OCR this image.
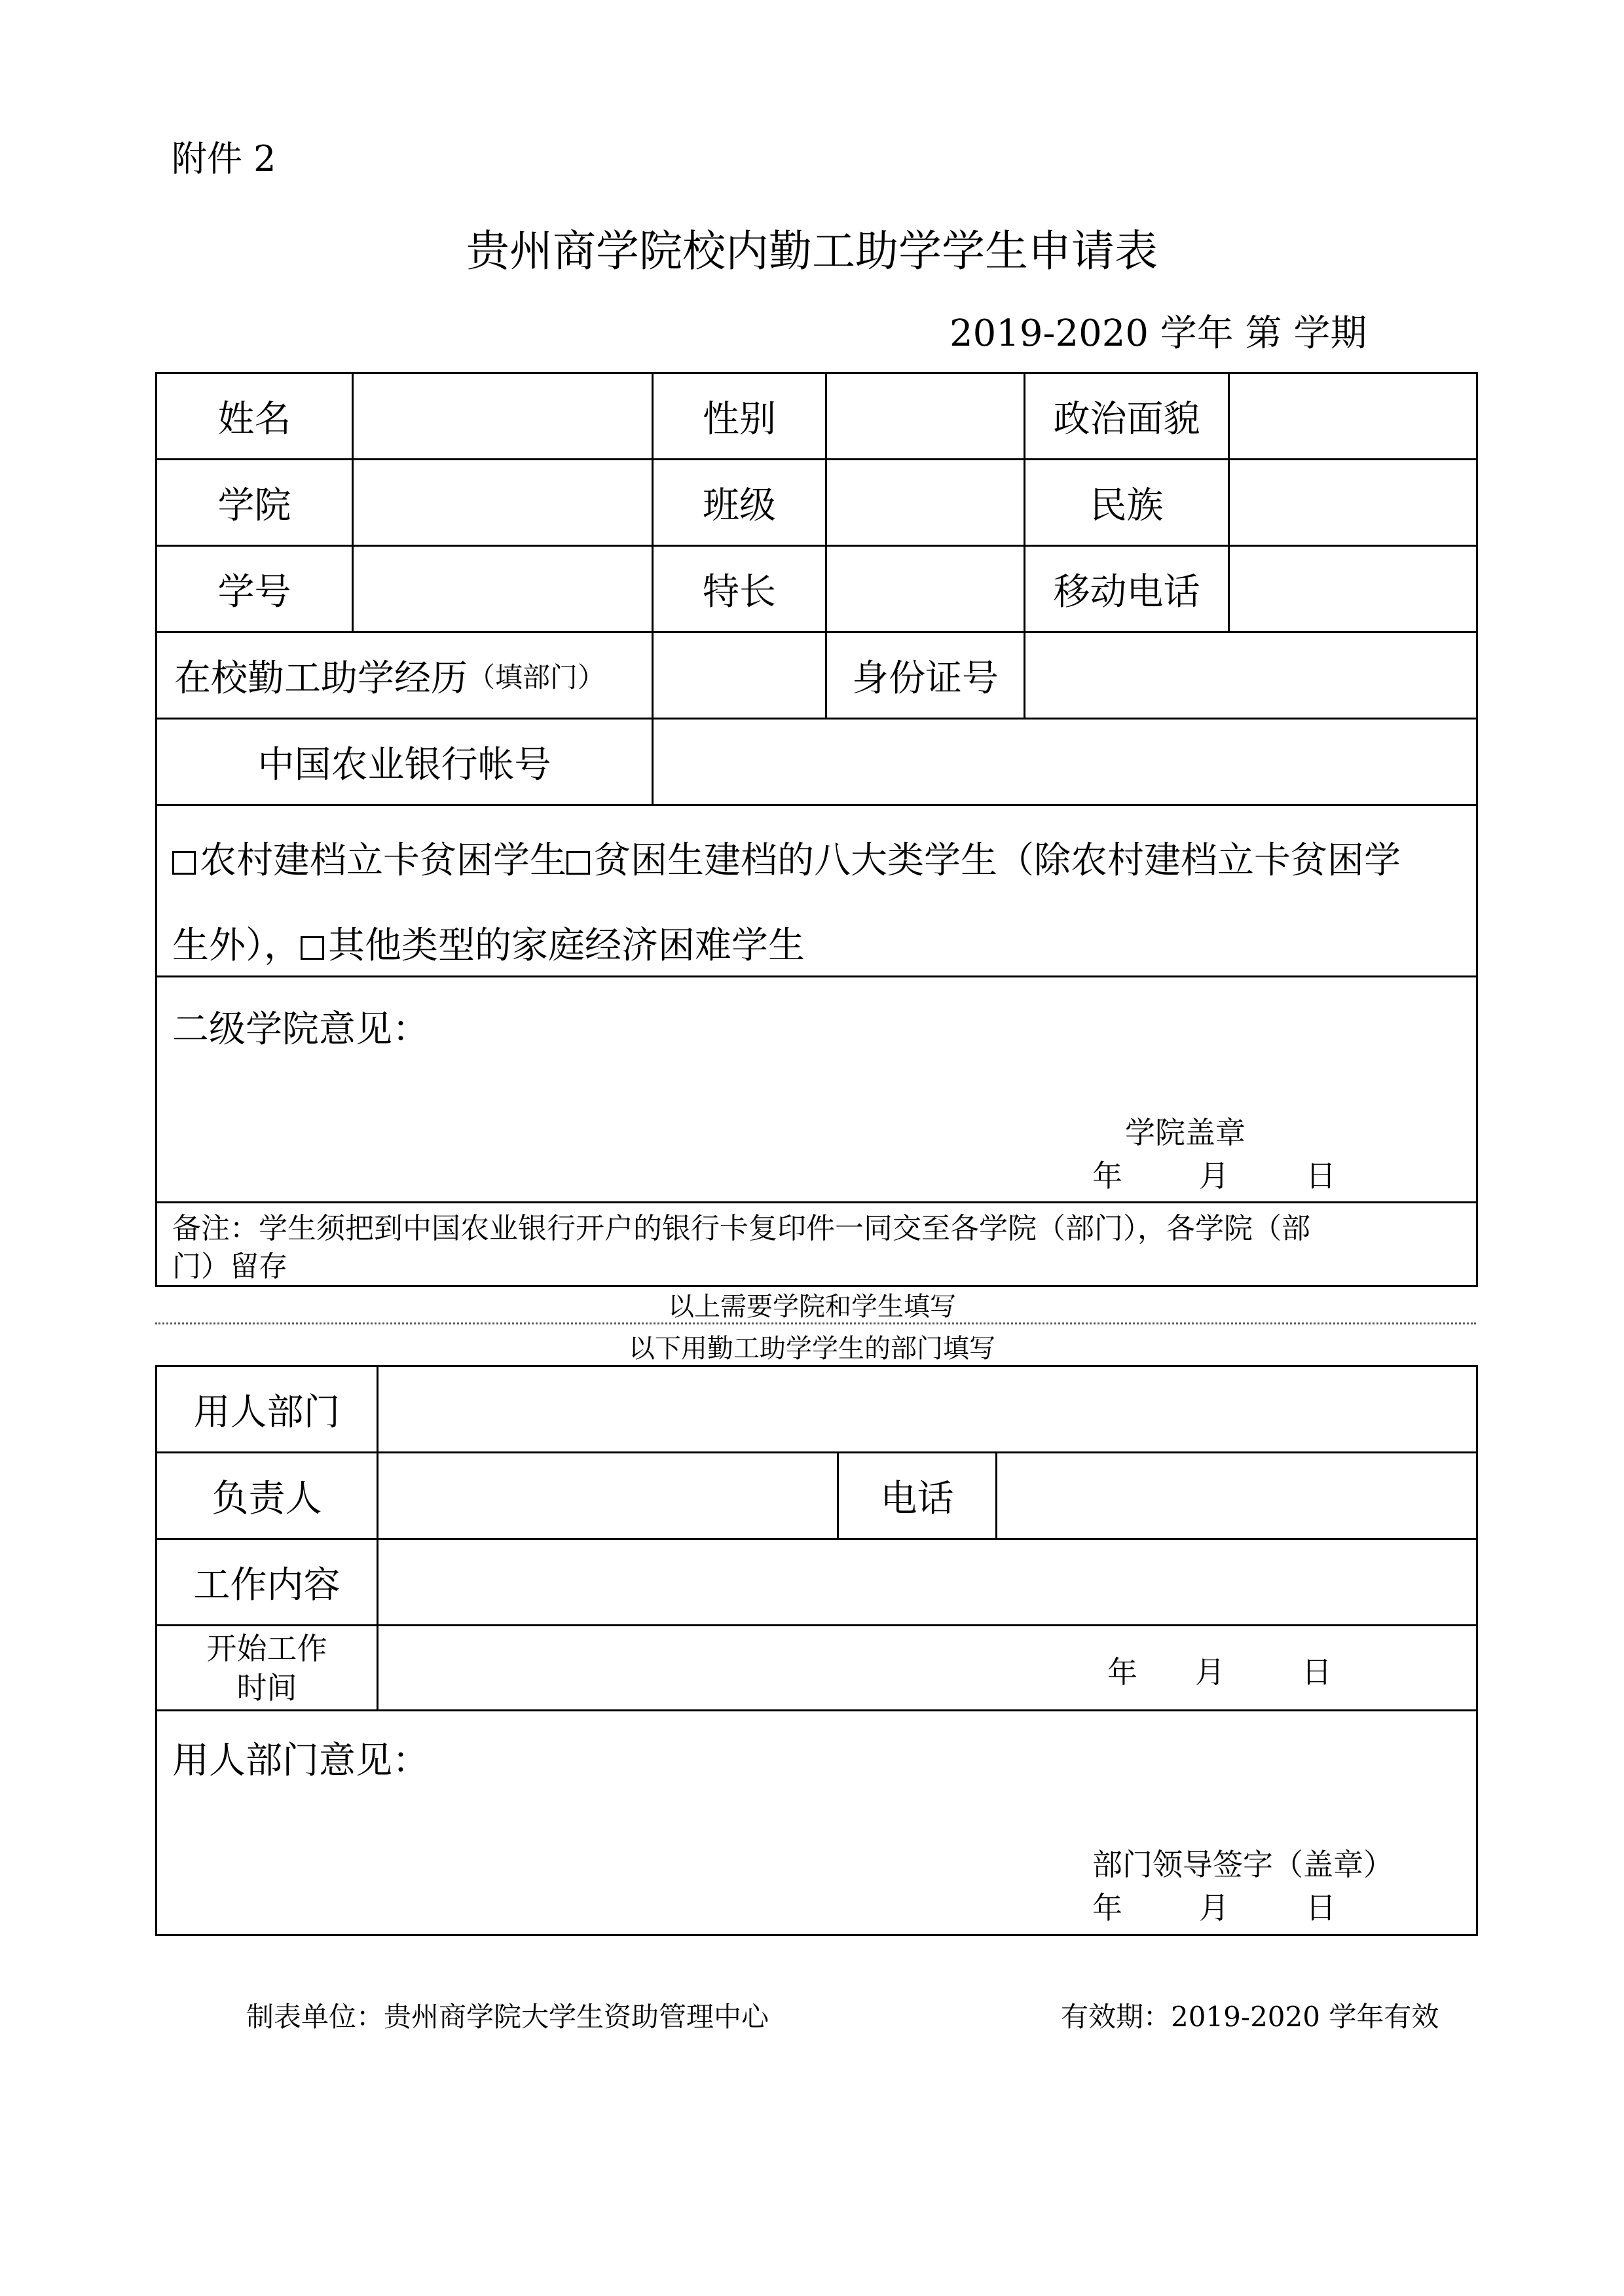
附件 2
贵州商学院校内勤工助学学生申请表
2019-2020 学年 第 学期
姓名	性别	政治面貌
学院	班级	民族
学号	特长	移动电话
在校勤工助学经历 （填部门）	身份证号
中国农业银行帐号
农村建档立卡贫困学生 贫困生建档的八大类学生（除农村建档立卡贫困学
生外）， 其他类型的家庭经济困难学生
二级学院意见：
学院盖章
年        月        日
备注：学生须把到中国农业银行开户的银行卡复印件一同交至各学院（部门），各学院（部
门）留存
以上需要学院和学生填写
以下用勤工助学学生的部门填写
用人部门
负责人	电话
工作内容
开始工作
时间	年      月        日
用人部门意见：
部门领导签字（盖章）
年        月        日
制表单位：贵州商学院大学生资助管理中心	有效期：2019-2020 学年有效
